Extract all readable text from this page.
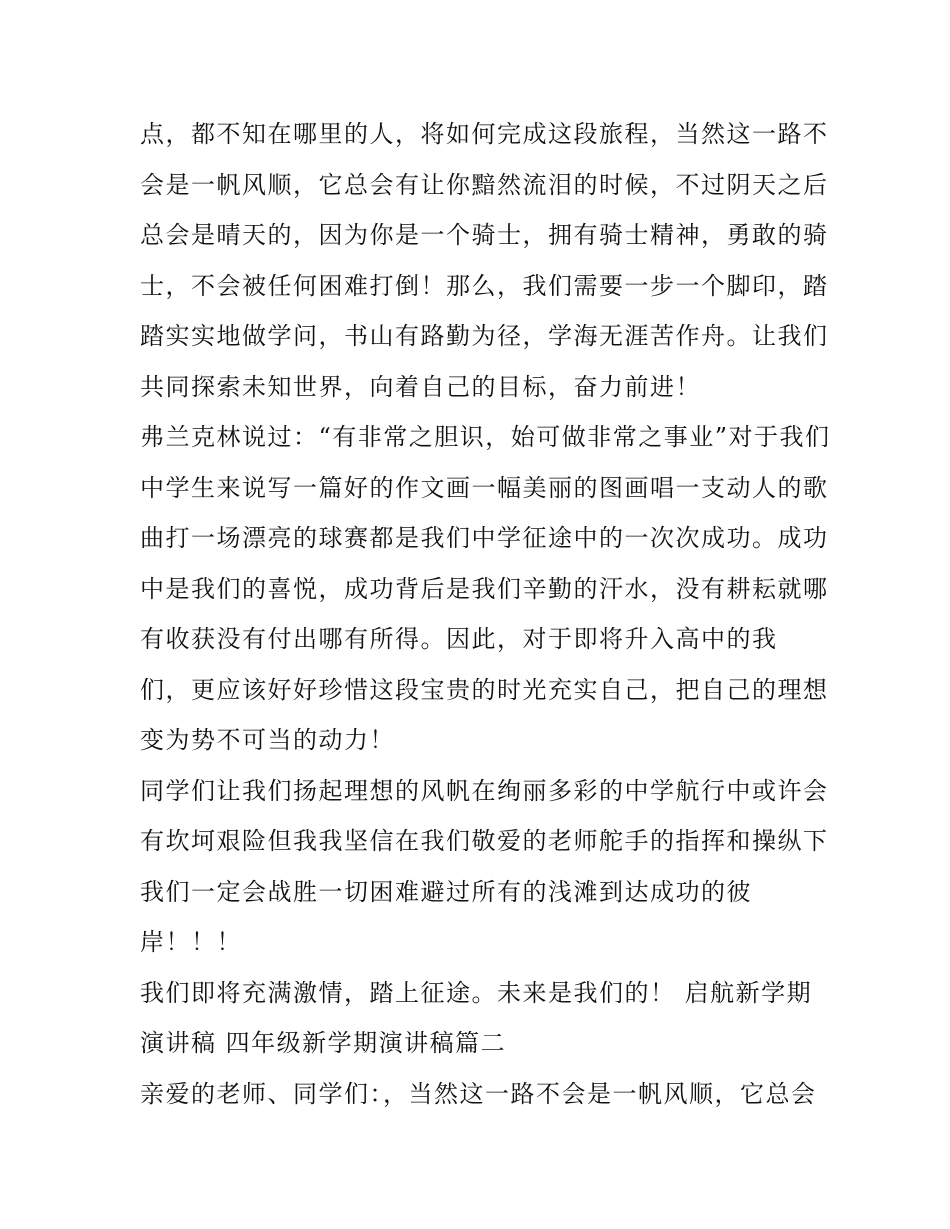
点，都不知在哪里的人，将如何完成这段旅程，当然这一路不
会是一帆风顺，它总会有让你黯然流泪的时候，不过阴天之后
总会是晴天的，因为你是一个骑士，拥有骑士精神，勇敢的骑
士，不会被任何困难打倒！那么，我们需要一步一个脚印，踏
踏实实地做学问，书山有路勤为径，学海无涯苦作舟。让我们
共同探索未知世界，向着自己的目标，奋力前进！
弗兰克林说过：“有非常之胆识，始可做非常之事业”对于我们
中学生来说写一篇好的作文画一幅美丽的图画唱一支动人的歌
曲打一场漂亮的球赛都是我们中学征途中的一次次成功。成功
中是我们的喜悦，成功背后是我们辛勤的汗水，没有耕耘就哪
有收获没有付出哪有所得。因此，对于即将升入高中的我
们，更应该好好珍惜这段宝贵的时光充实自己，把自己的理想
变为势不可当的动力！
同学们让我们扬起理想的风帆在绚丽多彩的中学航行中或许会
有坎坷艰险但我我坚信在我们敬爱的老师舵手的指挥和操纵下
我们一定会战胜一切困难避过所有的浅滩到达成功的彼
岸！！！
我们即将充满激情，踏上征途。未来是我们的！ 启航新学期
演讲稿 四年级新学期演讲稿篇二
亲爱的老师、同学们：，当然这一路不会是一帆风顺，它总会
